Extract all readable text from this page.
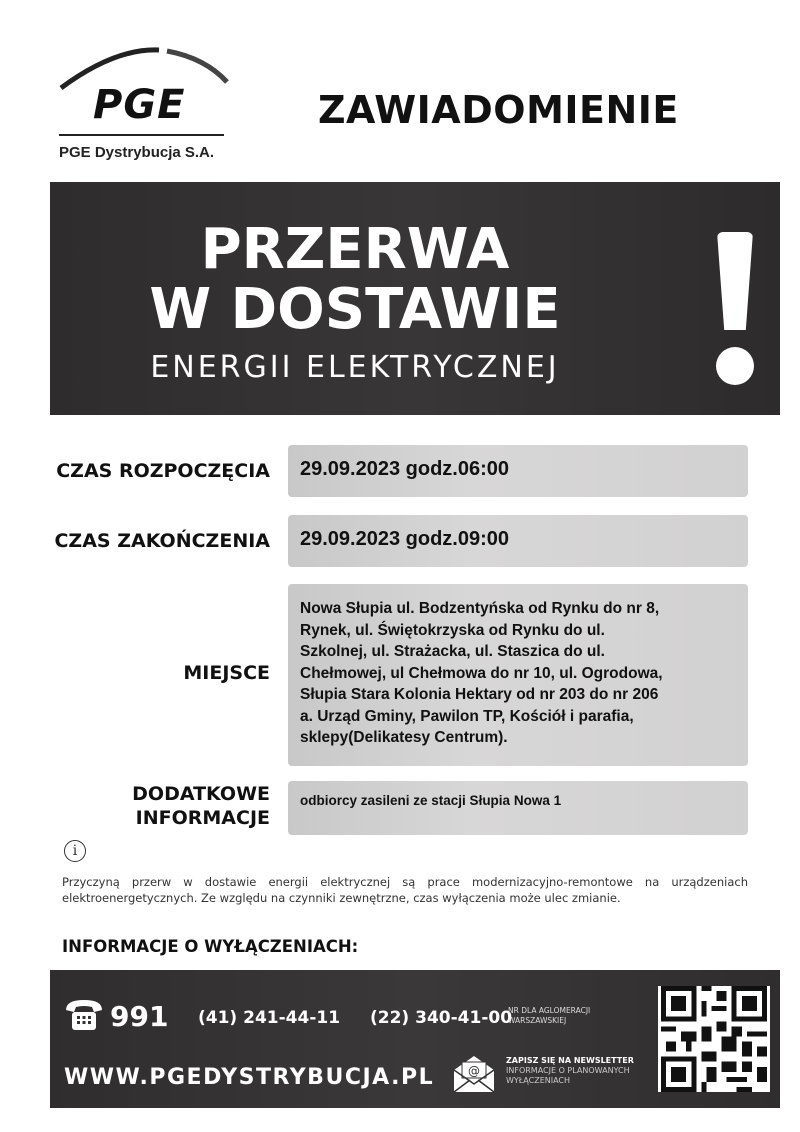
PGE
PGE Dystrybucja S.A.
ZAWIADOMIENIE
PRZERWA
W DOSTAWIE
ENERGII ELEKTRYCZNEJ
CZAS ROZPOCZĘCIA 29.09.2023 godz.06:00
CZAS ZAKOŃCZENIA 29.09.2023 godz.09:00
MIEJSCE
Nowa Słupia ul. Bodzentyńska od Rynku do nr 8,
Rynek, ul. Świętokrzyska od Rynku do ul.
Szkolnej, ul. Strażacka, ul. Staszica do ul.
Chełmowej, ul Chełmowa do nr 10, ul. Ogrodowa,
Słupia Stara Kolonia Hektary od nr 203 do nr 206
a. Urząd Gminy, Pawilon TP, Kościół i parafia,
sklepy(Delikatesy Centrum).
DODATKOWE
INFORMACJE
odbiorcy zasileni ze stacji Słupia Nowa 1
i
Przyczyną przerw w dostawie energii elektrycznej są prace modernizacyjno-remontowe na urządzeniach elektroenergetycznych. Ze względu na czynniki zewnętrzne, czas wyłączenia może ulec zmianie.
INFORMACJE O WYŁĄCZENIACH:
991 (41) 241-44-11 (22) 340-41-00
NR DLA AGLOMERACJI
WARSZAWSKIEJ
WWW.PGEDYSTRYBUCJA.PL	@
ZAPISZ SIĘ NA NEWSLETTER
INFORMACJE O PLANOWANYCH
WYŁĄCZENIACH
